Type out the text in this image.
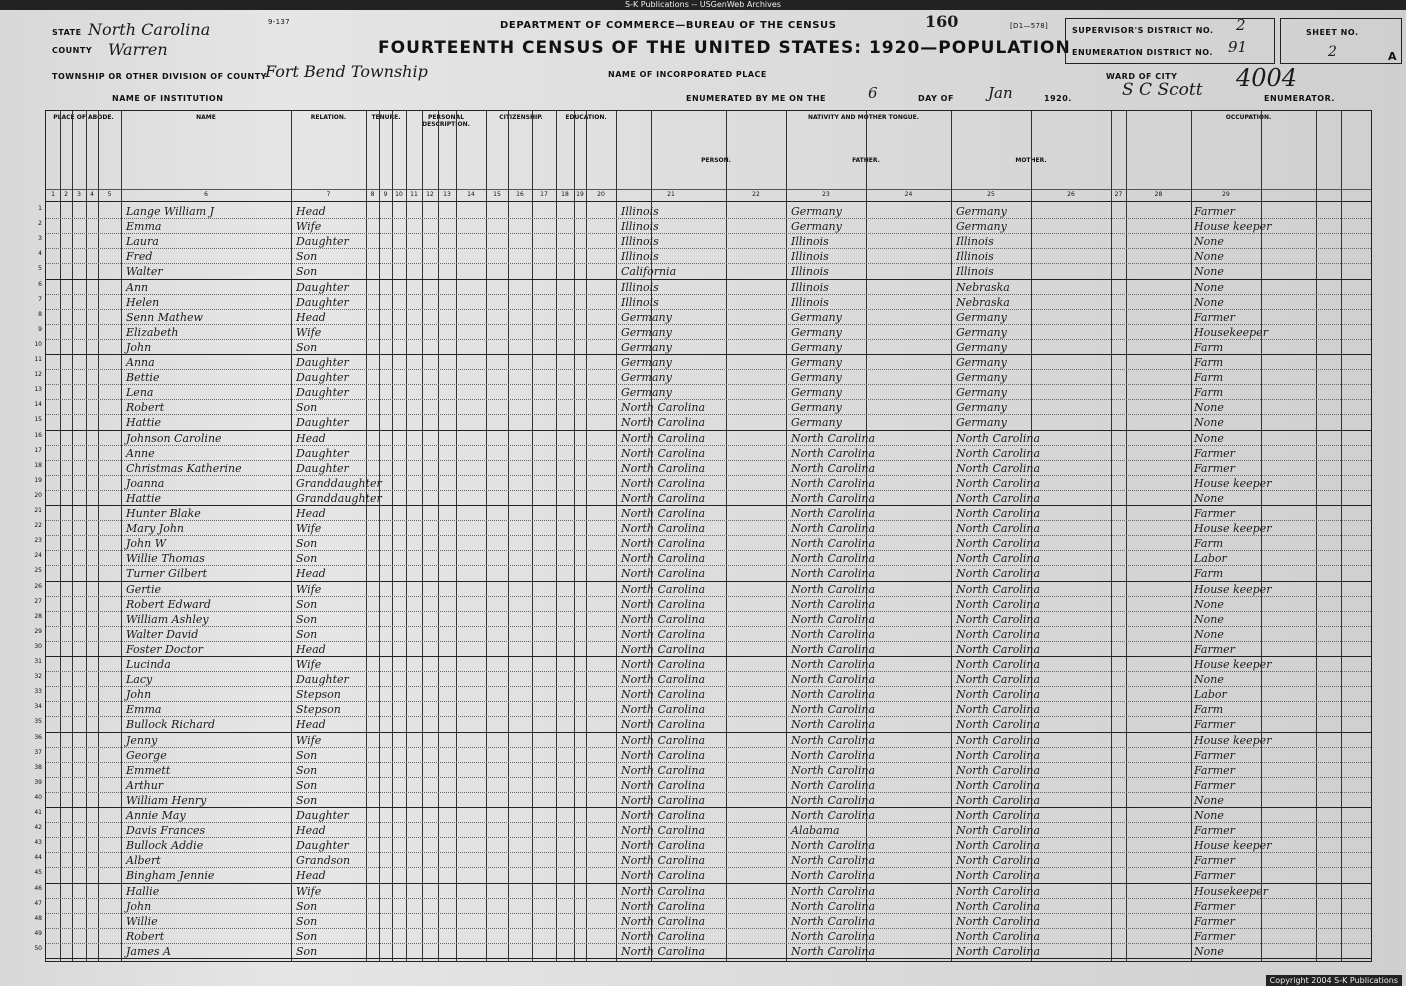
S-K Publications -- USGenWeb Archives
9-137	DEPARTMENT OF COMMERCE—BUREAU OF THE CENSUS	160	[D1—578]
FOURTEENTH CENSUS OF THE UNITED STATES: 1920—POPULATION
STATE North Carolina
COUNTY Warren
TOWNSHIP OR OTHER DIVISION OF COUNTY
Fort Bend Township
NAME OF INSTITUTION
NAME OF INCORPORATED PLACE
ENUMERATED BY ME ON THE	6	DAY OF Jan	1920.	S C Scott	ENUMERATOR.
SUPERVISOR'S DISTRICT NO. 2
ENUMERATION DISTRICT NO. 91
SHEET NO.
2	A
WARD OF CITY 4004
PLACE OF ABODE.	NAME	RELATION.	TENURE.	PERSONAL DESCRIPTION.
CITIZENSHIP.	EDUCATION.	NATIVITY AND MOTHER TONGUE.	OCCUPATION.
PERSON.	FATHER.	MOTHER.
1	2	3	4	5	6	7	8	9	10	11	12	13	14	15	16	17	18	19	20	21	22	23	24	25	26	27	28	29
1	Lange William J	Head	Illinois	Germany	Germany	Farmer
2	Emma	Wife	Illinois	Germany	Germany	House keeper
3	Laura	Daughter	Illinois	Illinois	Illinois	None
4	Fred	Son	Illinois	Illinois	Illinois	None
5	Walter	Son	California	Illinois	Illinois	None
6	Ann	Daughter	Illinois	Illinois	Nebraska	None
7	Helen	Daughter	Illinois	Illinois	Nebraska	None
8	Senn Mathew	Head	Germany	Germany	Germany	Farmer
9	Elizabeth	Wife	Germany	Germany	Germany	Housekeeper
10	John	Son	Germany	Germany	Germany	Farm
11	Anna	Daughter	Germany	Germany	Germany	Farm
12	Bettie	Daughter	Germany	Germany	Germany	Farm
13	Lena	Daughter	Germany	Germany	Germany	Farm
14	Robert	Son	North Carolina	Germany	Germany	None
15	Hattie	Daughter	North Carolina	Germany	Germany	None
16	Johnson Caroline	Head	North Carolina	North Carolina	North Carolina	None
17	Anne	Daughter	North Carolina	North Carolina	North Carolina	Farmer
18	Christmas Katherine	Daughter	North Carolina	North Carolina	North Carolina	Farmer
19	Joanna	Granddaughter	North Carolina	North Carolina	North Carolina	House keeper
20	Hattie	Granddaughter	North Carolina	North Carolina	North Carolina	None
21	Hunter Blake	Head	North Carolina	North Carolina	North Carolina	Farmer
22	Mary John	Wife	North Carolina	North Carolina	North Carolina	House keeper
23	John W	Son	North Carolina	North Carolina	North Carolina	Farm
24	Willie Thomas	Son	North Carolina	North Carolina	North Carolina	Labor
25	Turner Gilbert	Head	North Carolina	North Carolina	North Carolina	Farm
26	Gertie	Wife	North Carolina	North Carolina	North Carolina	House keeper
27	Robert Edward	Son	North Carolina	North Carolina	North Carolina	None
28	William Ashley	Son	North Carolina	North Carolina	North Carolina	None
29	Walter David	Son	North Carolina	North Carolina	North Carolina	None
30	Foster Doctor	Head	North Carolina	North Carolina	North Carolina	Farmer
31	Lucinda	Wife	North Carolina	North Carolina	North Carolina	House keeper
32	Lacy	Daughter	North Carolina	North Carolina	North Carolina	None
33	John	Stepson	North Carolina	North Carolina	North Carolina	Labor
34	Emma	Stepson	North Carolina	North Carolina	North Carolina	Farm
35	Bullock Richard	Head	North Carolina	North Carolina	North Carolina	Farmer
36	Jenny	Wife	North Carolina	North Carolina	North Carolina	House keeper
37	George	Son	North Carolina	North Carolina	North Carolina	Farmer
38	Emmett	Son	North Carolina	North Carolina	North Carolina	Farmer
39	Arthur	Son	North Carolina	North Carolina	North Carolina	Farmer
40	William Henry	Son	North Carolina	North Carolina	North Carolina	None
41	Annie May	Daughter	North Carolina	North Carolina	North Carolina	None
42	Davis Frances	Head	North Carolina	Alabama	North Carolina	Farmer
43	Bullock Addie	Daughter	North Carolina	North Carolina	North Carolina	House keeper
44	Albert	Grandson	North Carolina	North Carolina	North Carolina	Farmer
45	Bingham Jennie	Head	North Carolina	North Carolina	North Carolina	Farmer
46	Hallie	Wife	North Carolina	North Carolina	North Carolina	Housekeeper
47	John	Son	North Carolina	North Carolina	North Carolina	Farmer
48	Willie	Son	North Carolina	North Carolina	North Carolina	Farmer
49	Robert	Son	North Carolina	North Carolina	North Carolina	Farmer
50	James A	Son	North Carolina	North Carolina	North Carolina	None
Copyright 2004 S-K Publications
